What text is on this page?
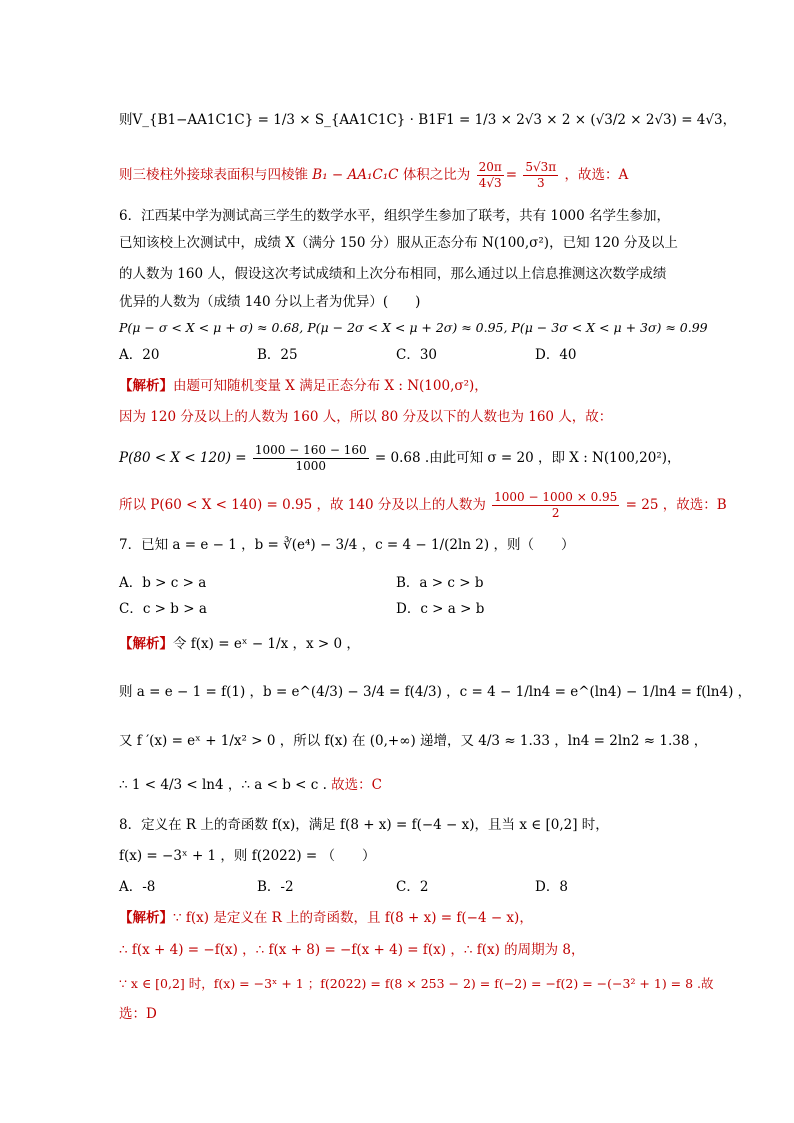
则V_{B1−AA1C1C} = 1/3 × S_{AA1C1C} · B1F1 = 1/3 × 2√3 × 2 × (√3/2 × 2√3) = 4√3，
则三棱柱外接球表面积与四棱锥 B₁ − AA₁C₁C 体积之比为 $\frac{20\pi}{4√3} = \frac{5√3\pi}{3}$ ，故选：A
6．江西某中学为测试高三学生的数学水平，组织学生参加了联考，共有 1000 名学生参加，
已知该校上次测试中，成绩 X（满分 150 分）服从正态分布 N(100,σ²)，已知 120 分及以上
的人数为 160 人，假设这次考试成绩和上次分布相同，那么通过以上信息推测这次数学成绩
优异的人数为（成绩 140 分以上者为优异）(　　)
P(μ − σ < X < μ + σ) ≈ 0.68, P(μ − 2σ < X < μ + 2σ) ≈ 0.95, P(μ − 3σ < X < μ + 3σ) ≈ 0.99
A．20	B．25	C．30	D．40
【解析】由题可知随机变量 X 满足正态分布 X : N(100,σ²)，
因为 120 分及以上的人数为 160 人，所以 80 分及以下的人数也为 160 人，故：
$P(80 < X < 120) = \frac{1000 - 160 - 160}{1000} = 0.68$ .由此可知 σ = 20 ，即 X : N(100,20²)，
所以 P(60 < X < 140) = 0.95 ，故 140 分及以上的人数为 $\frac{1000 - 1000 \times 0.95}{2} = 25$ ，故选：B
7．已知 a = e − 1 ，b = ∛(e⁴) − 3/4 ，c = 4 − 1/(2ln 2) ，则（　　）
A．b > c > a	B．a > c > b
C．c > b > a	D．c > a > b
【解析】令 f(x) = eˣ − 1/x ，x > 0 ，
则 a = e − 1 = f(1) ，b = e^(4/3) − 3/4 = f(4/3) ，c = 4 − 1/ln4 = e^(ln4) − 1/ln4 = f(ln4) ，
又 f ′(x) = eˣ + 1/x² > 0 ，所以 f(x) 在 (0,+∞) 递增，又 4/3 ≈ 1.33 ，ln4 = 2ln2 ≈ 1.38 ，
∴ 1 < 4/3 < ln4 ，∴ a < b < c . 故选：C
8．定义在 R 上的奇函数 f(x)，满足 f(8 + x) = f(−4 − x)，且当 x ∈ [0,2] 时，
f(x) = −3ˣ + 1 ，则 f(2022) = （　　）
A．-8	B．-2	C．2	D．8
【解析】∵ f(x) 是定义在 R 上的奇函数，且 f(8 + x) = f(−4 − x)，
∴ f(x + 4) = −f(x) ，∴ f(x + 8) = −f(x + 4) = f(x) ，∴ f(x) 的周期为 8，
∵ x ∈ [0,2] 时，f(x) = −3ˣ + 1 ；f(2022) = f(8 × 253 − 2) = f(−2) = −f(2) = −(−3² + 1) = 8 .故
选：D
